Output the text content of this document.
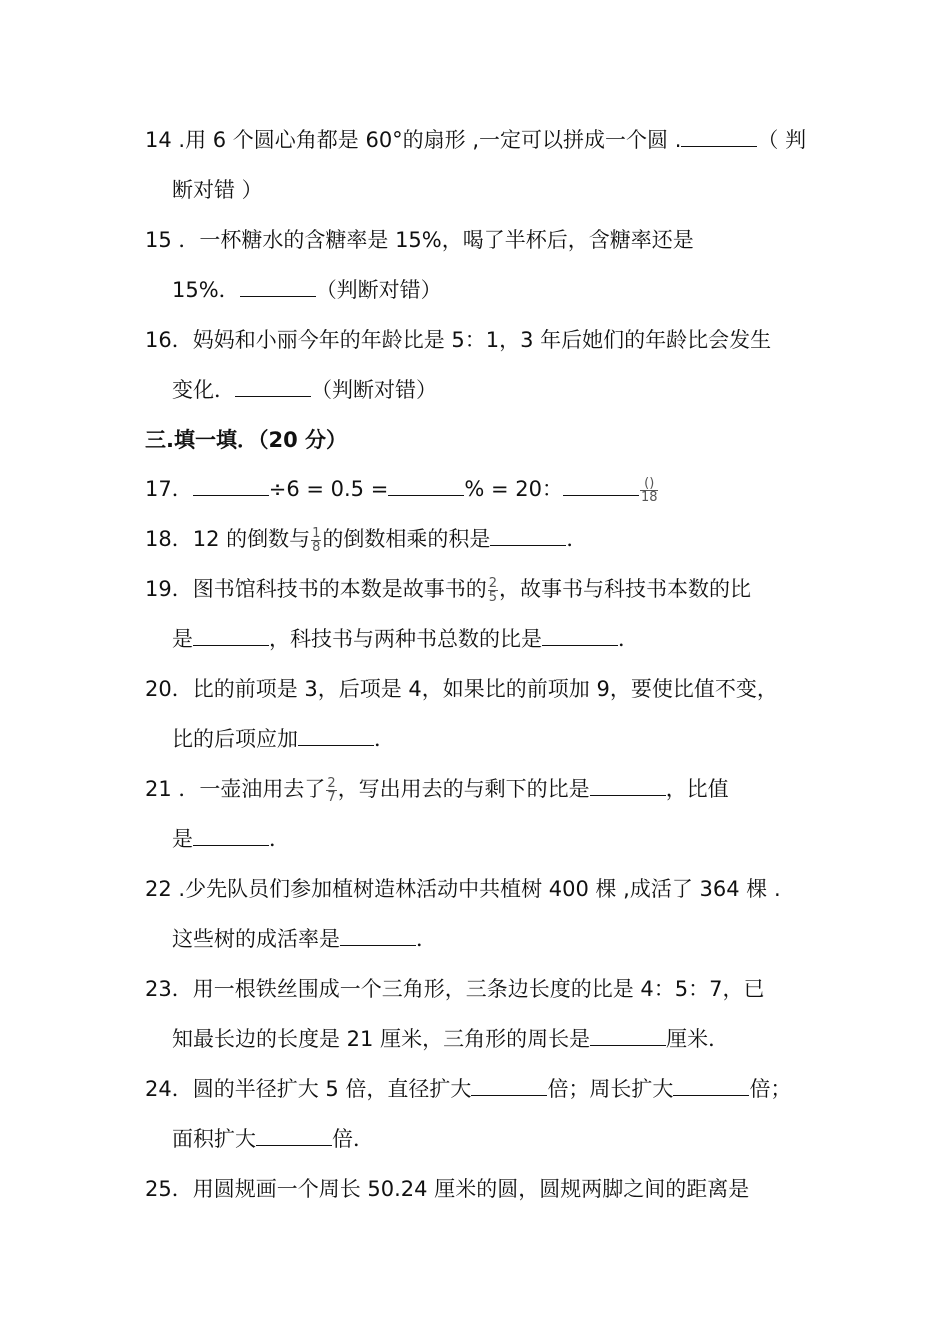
14 .用 6 个圆心角都是 60°的扇形 ,一定可以拼成一个圆 .	（ 判
断对错 ）
15 ．一杯糖水的含糖率是 15%，喝了半杯后，含糖率还是
15%．	（判断对错）
16．妈妈和小丽今年的年龄比是 5：1，3 年后她们的年龄比会发生
变化．	（判断对错）
三.填一填．（20 分）
17．	÷6 = 0.5 =	% = 20：	$\frac{()}{18}$
18．12 的倒数与 $\frac{1}{8}$ 的倒数相乘的积是	．
19．图书馆科技书的本数是故事书的 $\frac{2}{5}$ ，故事书与科技书本数的比
是	，科技书与两种书总数的比是	．
20．比的前项是 3，后项是 4，如果比的前项加 9，要使比值不变，
比的后项应加	．
21 ．一壶油用去了 $\frac{2}{7}$ ，写出用去的与剩下的比是	，比值
是	．
22 .少先队员们参加植树造林活动中共植树 400 棵 ,成活了 364 棵 .
这些树的成活率是	．
23．用一根铁丝围成一个三角形，三条边长度的比是 4：5：7，已
知最长边的长度是 21 厘米，三角形的周长是	厘米．
24．圆的半径扩大 5 倍，直径扩大	倍；周长扩大	倍；
面积扩大	倍．
25．用圆规画一个周长 50.24 厘米的圆，圆规两脚之间的距离是
